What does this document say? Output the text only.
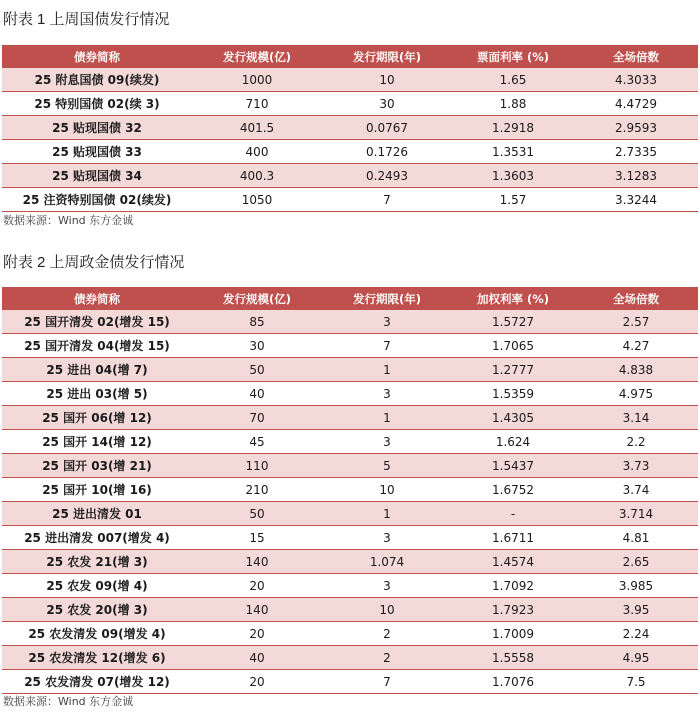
附表 1 上周国债发行情况
债券简称	发行规模(亿)	发行期限(年)	票面利率 (%)	全场倍数
25 附息国债 09(续发)	1000	10	1.65	4.3033
25 特别国债 02(续 3)	710	30	1.88	4.4729
25 贴现国债 32	401.5	0.0767	1.2918	2.9593
25 贴现国债 33	400	0.1726	1.3531	2.7335
25 贴现国债 34	400.3	0.2493	1.3603	3.1283
25 注资特别国债 02(续发)	1050	7	1.57	3.3244
数据来源：Wind 东方金诚
附表 2 上周政金债发行情况
债券简称	发行规模(亿)	发行期限(年)	加权利率 (%)	全场倍数
25 国开清发 02(增发 15)	85	3	1.5727	2.57
25 国开清发 04(增发 15)	30	7	1.7065	4.27
25 进出 04(增 7)	50	1	1.2777	4.838
25 进出 03(增 5)	40	3	1.5359	4.975
25 国开 06(增 12)	70	1	1.4305	3.14
25 国开 14(增 12)	45	3	1.624	2.2
25 国开 03(增 21)	110	5	1.5437	3.73
25 国开 10(增 16)	210	10	1.6752	3.74
25 进出清发 01	50	1	-	3.714
25 进出清发 007(增发 4)	15	3	1.6711	4.81
25 农发 21(增 3)	140	1.074	1.4574	2.65
25 农发 09(增 4)	20	3	1.7092	3.985
25 农发 20(增 3)	140	10	1.7923	3.95
25 农发清发 09(增发 4)	20	2	1.7009	2.24
25 农发清发 12(增发 6)	40	2	1.5558	4.95
25 农发清发 07(增发 12)	20	7	1.7076	7.5
数据来源：Wind 东方金诚
